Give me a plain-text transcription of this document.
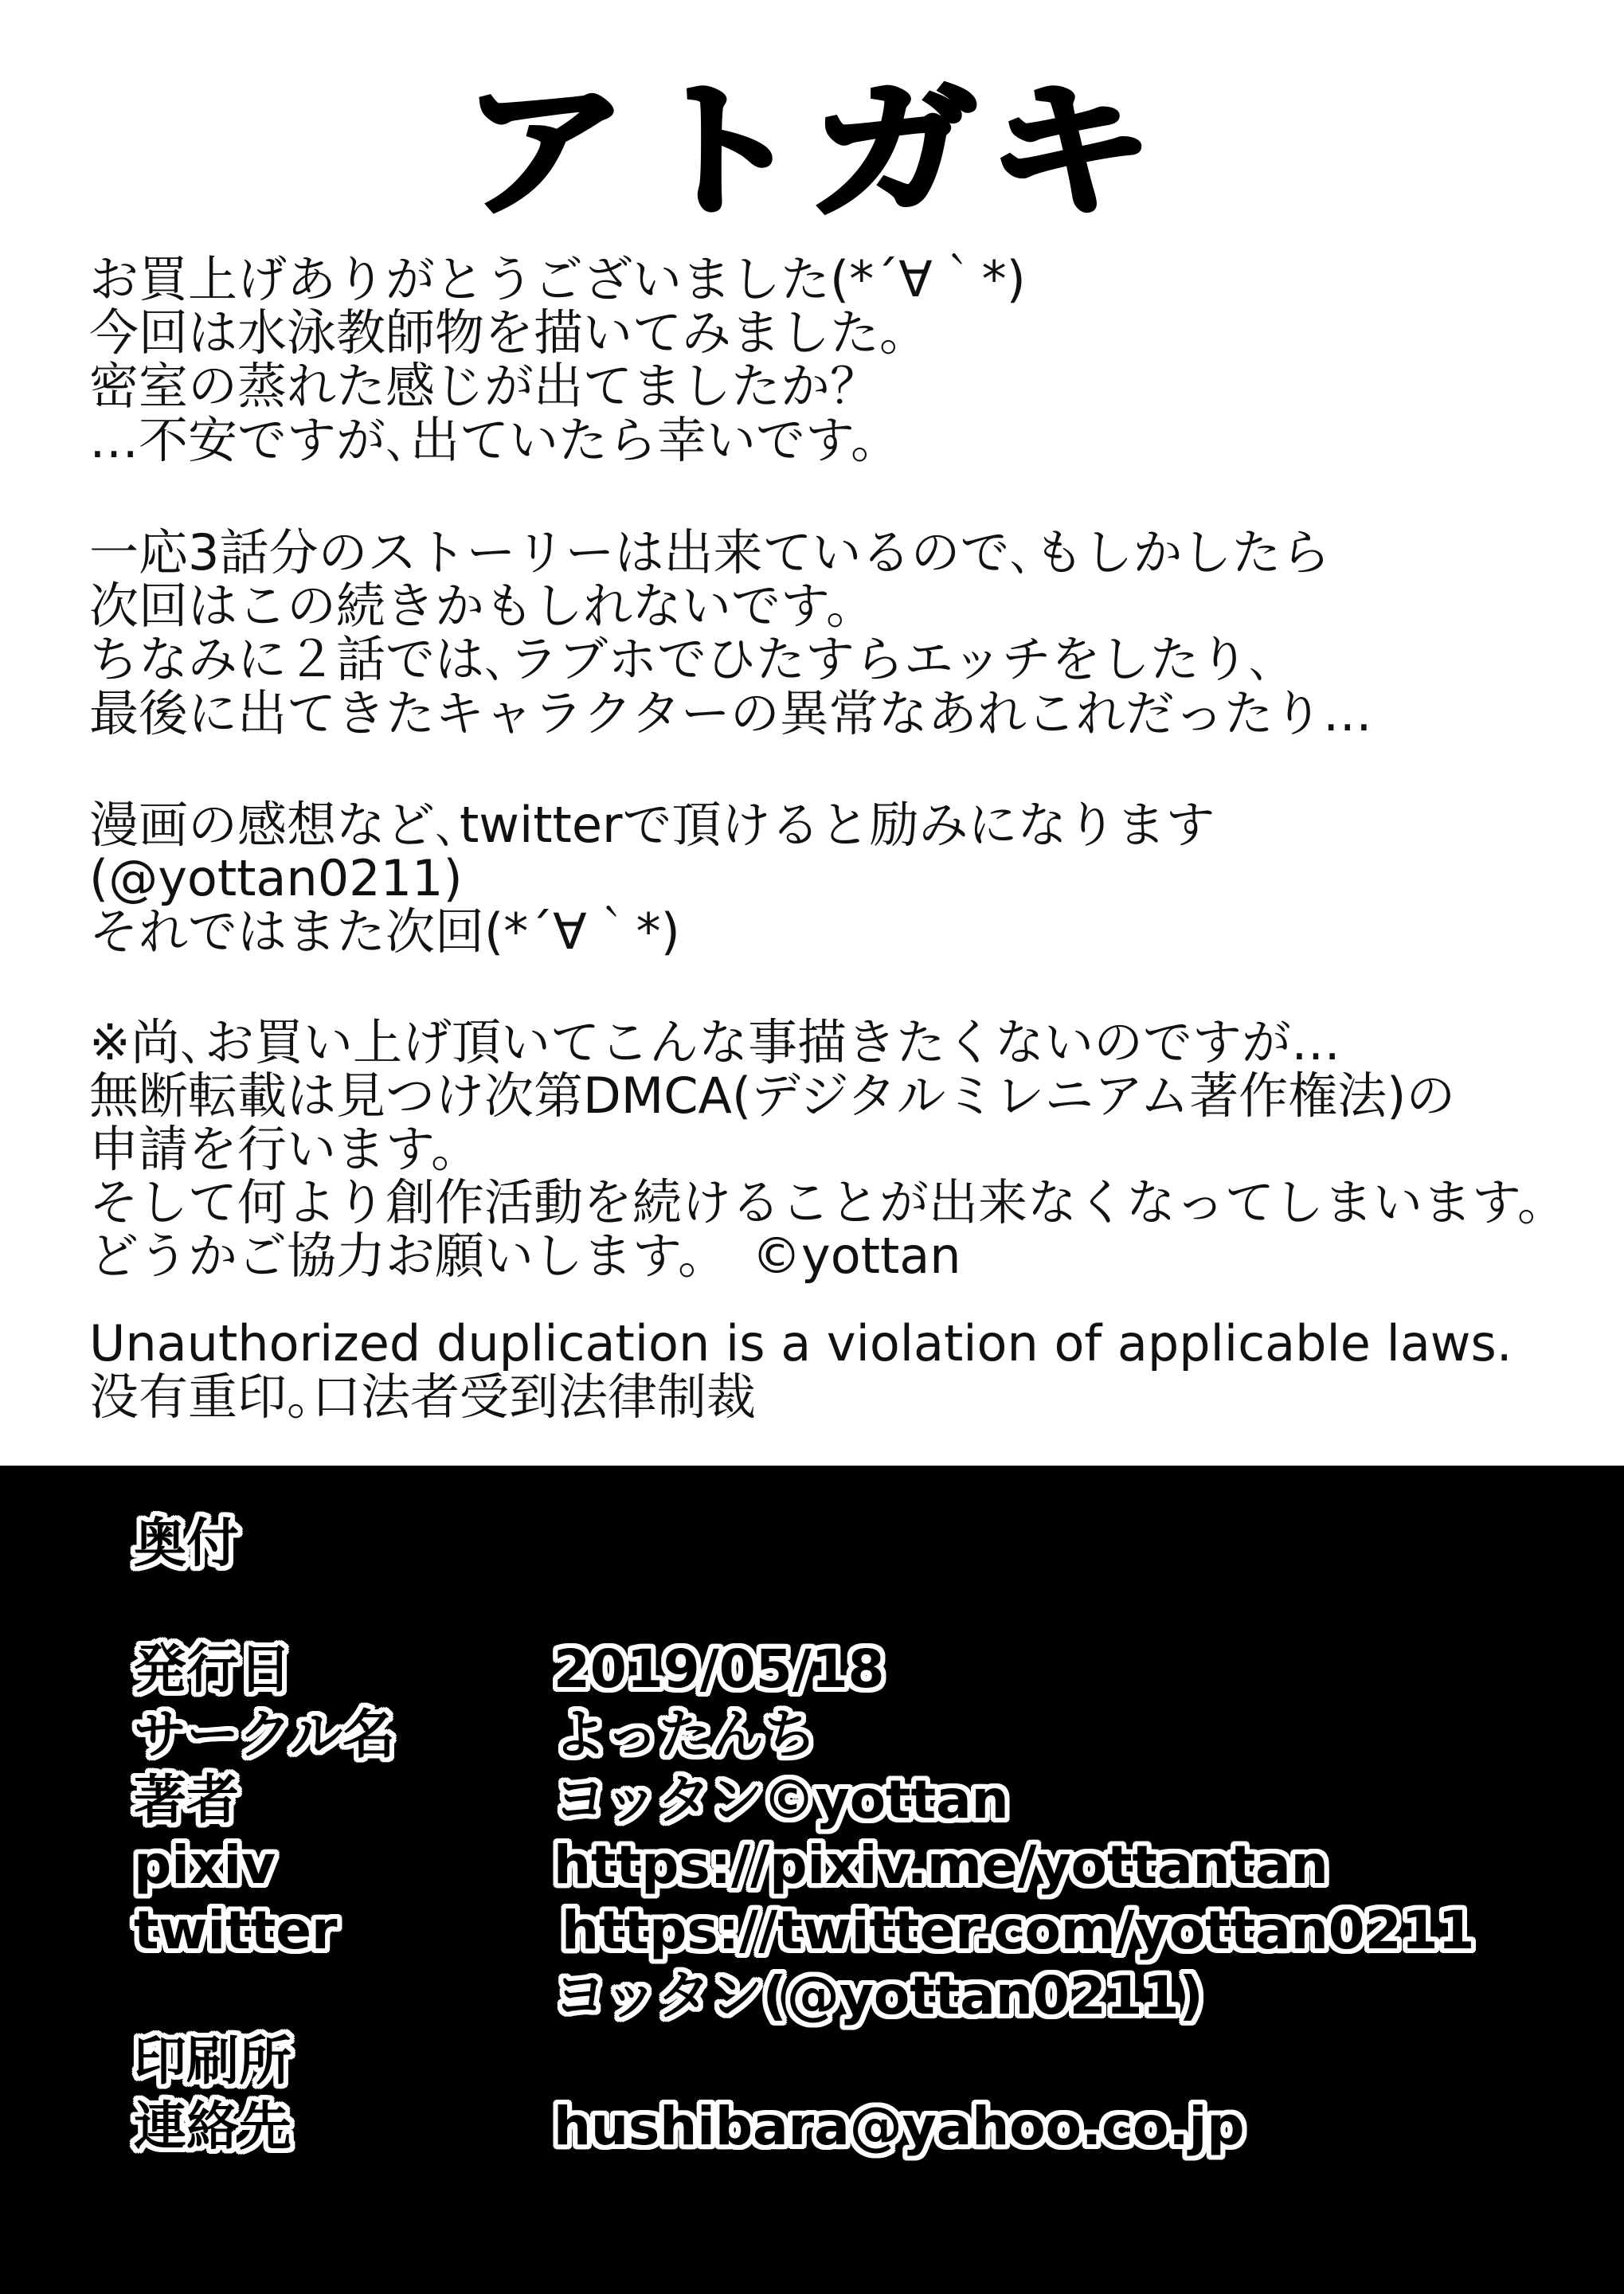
アトガキ
お買上げありがとうございました(*´∀｀*)
今回は水泳教師物を描いてみました。
密室の蒸れた感じが出てましたか？
…不安ですが､出ていたら幸いです。
一応3話分のストーリーは出来ているので､もしかしたら
次回はこの続きかもしれないです。
ちなみに２話では､ラブホでひたすらエッチをしたり､
最後に出てきたキャラクターの異常なあれこれだったり…
漫画の感想など､twitterで頂けると励みになります
(@yottan0211)
それではまた次回(*´∀｀*)
※尚､お買い上げ頂いてこんな事描きたくないのですが…
無断転載は見つけ次第DMCA(デジタルミレニアム著作権法)の
申請を行います。
そして何より創作活動を続けることが出来なくなってしまいます。
どうかご協力お願いします。　©yottan
Unauthorized duplication is a violation of applicable laws.
没有重印｡口法者受到法律制裁
奥付
発行日	2019/05/18
サークル名	よったんち
著者	ヨッタン©yottan
pixiv	https://pixiv.me/yottantan
twitter	https://twitter.com/yottan0211
ヨッタン(@yottan0211)
印刷所
連絡先	hushibara@yahoo.co.jp
